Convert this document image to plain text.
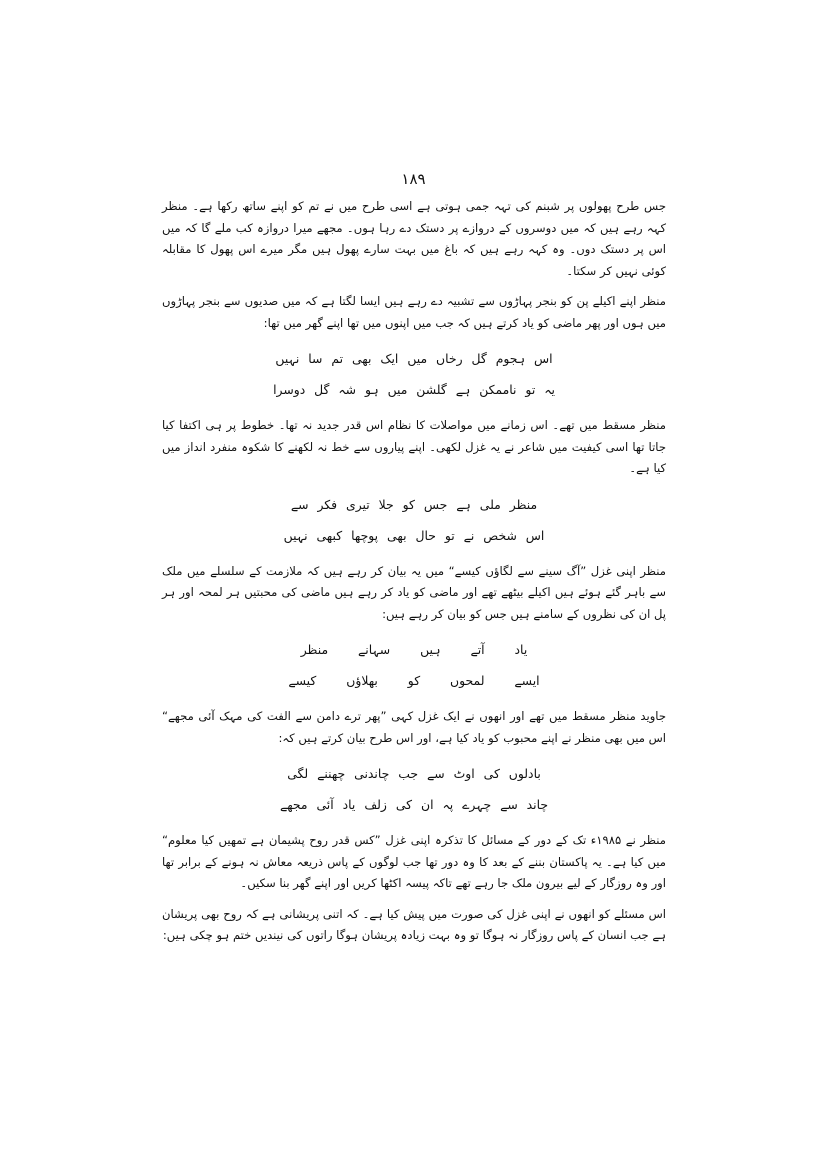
۱۸۹

جس طرح پھولوں پر شبنم کی تہہ جمی ہوتی ہے اسی طرح میں نے تم کو اپنے ساتھ رکھا ہے۔ منظر کہہ رہے ہیں کہ میں دوسروں کے دروازے پر دستک دے رہا ہوں۔ مجھے میرا دروازہ کب ملے گا کہ میں اس پر دستک دوں۔ وہ کہہ رہے ہیں کہ باغ میں بہت سارے پھول ہیں مگر میرے اس پھول کا مقابلہ کوئی نہیں کر سکتا۔

منظر اپنے اکیلے پن کو بنجر پہاڑوں سے تشبیہ دے رہے ہیں ایسا لگتا ہے کہ میں صدیوں سے بنجر پہاڑوں میں ہوں اور پھر ماضی کو یاد کرتے ہیں کہ جب میں اپنوں میں تھا اپنے گھر میں تھا:

اس ہجوم گل رخاں میں ایک بھی تم سا نہیں
یہ تو ناممکن ہے گلشن میں ہو شہ گل دوسرا

منظر مسقط میں تھے۔ اس زمانے میں مواصلات کا نظام اس قدر جدید نہ تھا۔ خطوط پر ہی اکتفا کیا جاتا تھا اسی کیفیت میں شاعر نے یہ غزل لکھی۔ اپنے پیاروں سے خط نہ لکھنے کا شکوہ منفرد انداز میں کیا ہے۔

منظر ملی ہے جس کو جلا تیری فکر سے
اس شخص نے تو حال بھی پوچھا کبھی نہیں

منظر اپنی غزل ”آگ سینے سے لگاؤں کیسے“ میں یہ بیان کر رہے ہیں کہ ملازمت کے سلسلے میں ملک سے باہر گئے ہوئے ہیں اکیلے بیٹھے تھے اور ماضی کو یاد کر رہے ہیں ماضی کی محبتیں ہر لمحہ اور ہر پل ان کی نظروں کے سامنے ہیں جس کو بیان کر رہے ہیں:

یاد آتے ہیں سہانے منظر
ایسے لمحوں کو بھلاؤں کیسے

جاوید منظر مسقط میں تھے اور انھوں نے ایک غزل کہی ”پھر ترے دامن سے الفت کی مہک آئی مجھے“ اس میں بھی منظر نے اپنے محبوب کو یاد کیا ہے، اور اس طرح بیان کرتے ہیں کہ:

بادلوں کی اوٹ سے جب چاندنی چھننے لگی
چاند سے چہرے پہ ان کی زلف یاد آئی مجھے

منظر نے ۱۹۸۵ء تک کے دور کے مسائل کا تذکرہ اپنی غزل ”کس قدر روح پشیمان ہے تمھیں کیا معلوم“ میں کیا ہے۔ یہ پاکستان بننے کے بعد کا وہ دور تھا جب لوگوں کے پاس ذریعہ معاش نہ ہونے کے برابر تھا اور وہ روزگار کے لیے بیرون ملک جا رہے تھے تاکہ پیسہ اکٹھا کریں اور اپنے گھر بنا سکیں۔

اس مسئلے کو انھوں نے اپنی غزل کی صورت میں پیش کیا ہے۔ کہ اتنی پریشانی ہے کہ روح بھی پریشان ہے جب انسان کے پاس روزگار نہ ہوگا تو وہ بہت زیادہ پریشان ہوگا راتوں کی نیندیں ختم ہو چکی ہیں:
